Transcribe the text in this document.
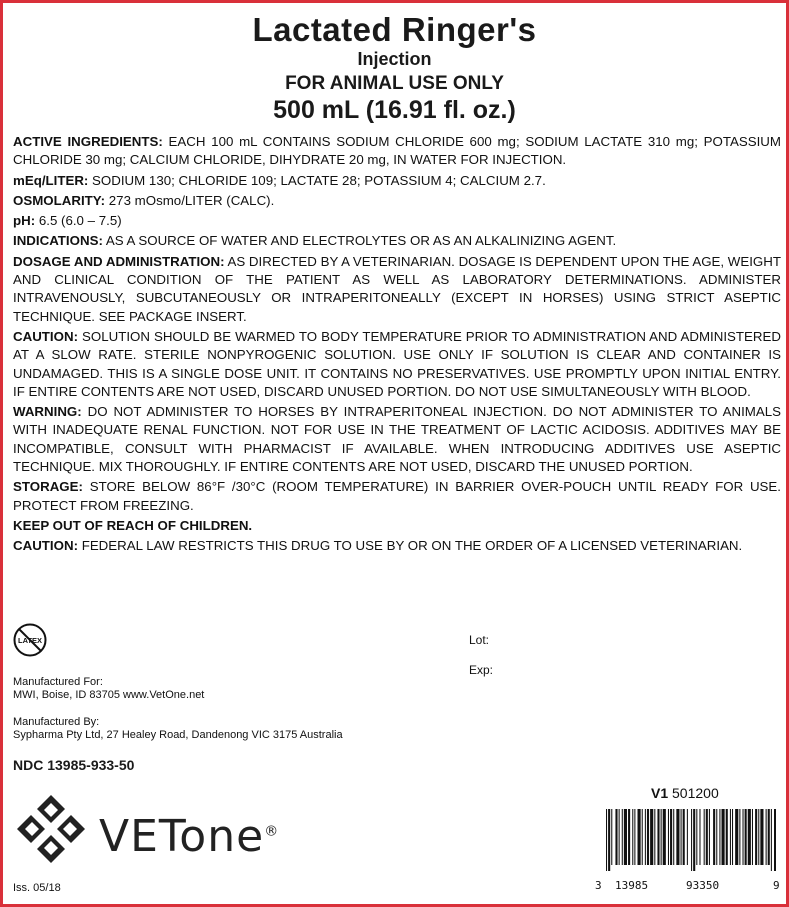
Lactated Ringer's
Injection
FOR ANIMAL USE ONLY
500 mL (16.91 fl. oz.)

ACTIVE INGREDIENTS: EACH 100 mL CONTAINS SODIUM CHLORIDE 600 mg; SODIUM LACTATE 310 mg; POTASSIUM CHLORIDE 30 mg; CALCIUM CHLORIDE, DIHYDRATE 20 mg, IN WATER FOR INJECTION.

mEq/LITER: SODIUM 130; CHLORIDE 109; LACTATE 28; POTASSIUM 4; CALCIUM 2.7.

OSMOLARITY: 273 mOsmo/LITER (CALC).

pH: 6.5 (6.0 – 7.5)

INDICATIONS: AS A SOURCE OF WATER AND ELECTROLYTES OR AS AN ALKALINIZING AGENT.

DOSAGE AND ADMINISTRATION: AS DIRECTED BY A VETERINARIAN. DOSAGE IS DEPENDENT UPON THE AGE, WEIGHT AND CLINICAL CONDITION OF THE PATIENT AS WELL AS LABORATORY DETERMINATIONS. ADMINISTER INTRAVENOUSLY, SUBCUTANEOUSLY OR INTRAPERITONEALLY (EXCEPT IN HORSES) USING STRICT ASEPTIC TECHNIQUE. SEE PACKAGE INSERT.

CAUTION: SOLUTION SHOULD BE WARMED TO BODY TEMPERATURE PRIOR TO ADMINISTRATION AND ADMINISTERED AT A SLOW RATE. STERILE NONPYROGENIC SOLUTION. USE ONLY IF SOLUTION IS CLEAR AND CONTAINER IS UNDAMAGED. THIS IS A SINGLE DOSE UNIT. IT CONTAINS NO PRESERVATIVES. USE PROMPTLY UPON INITIAL ENTRY. IF ENTIRE CONTENTS ARE NOT USED, DISCARD UNUSED PORTION. DO NOT USE SIMULTANEOUSLY WITH BLOOD.

WARNING: DO NOT ADMINISTER TO HORSES BY INTRAPERITONEAL INJECTION. DO NOT ADMINISTER TO ANIMALS WITH INADEQUATE RENAL FUNCTION. NOT FOR USE IN THE TREATMENT OF LACTIC ACIDOSIS. ADDITIVES MAY BE INCOMPATIBLE, CONSULT WITH PHARMACIST IF AVAILABLE. WHEN INTRODUCING ADDITIVES USE ASEPTIC TECHNIQUE. MIX THOROUGHLY. IF ENTIRE CONTENTS ARE NOT USED, DISCARD THE UNUSED PORTION.

STORAGE: STORE BELOW 86°F /30°C (ROOM TEMPERATURE) IN BARRIER OVER-POUCH UNTIL READY FOR USE. PROTECT FROM FREEZING.

KEEP OUT OF REACH OF CHILDREN.

CAUTION: FEDERAL LAW RESTRICTS THIS DRUG TO USE BY OR ON THE ORDER OF A LICENSED VETERINARIAN.

LATEX	Lot:
Exp:
Manufactured For:
MWI, Boise, ID 83705 www.VetOne.net
Manufactured By:
Sypharma Pty Ltd, 27 Healey Road, Dandenong VIC 3175 Australia
NDC 13985-933-50
V1 501200
VETone®
Iss. 05/18	3 13985	93350	9
